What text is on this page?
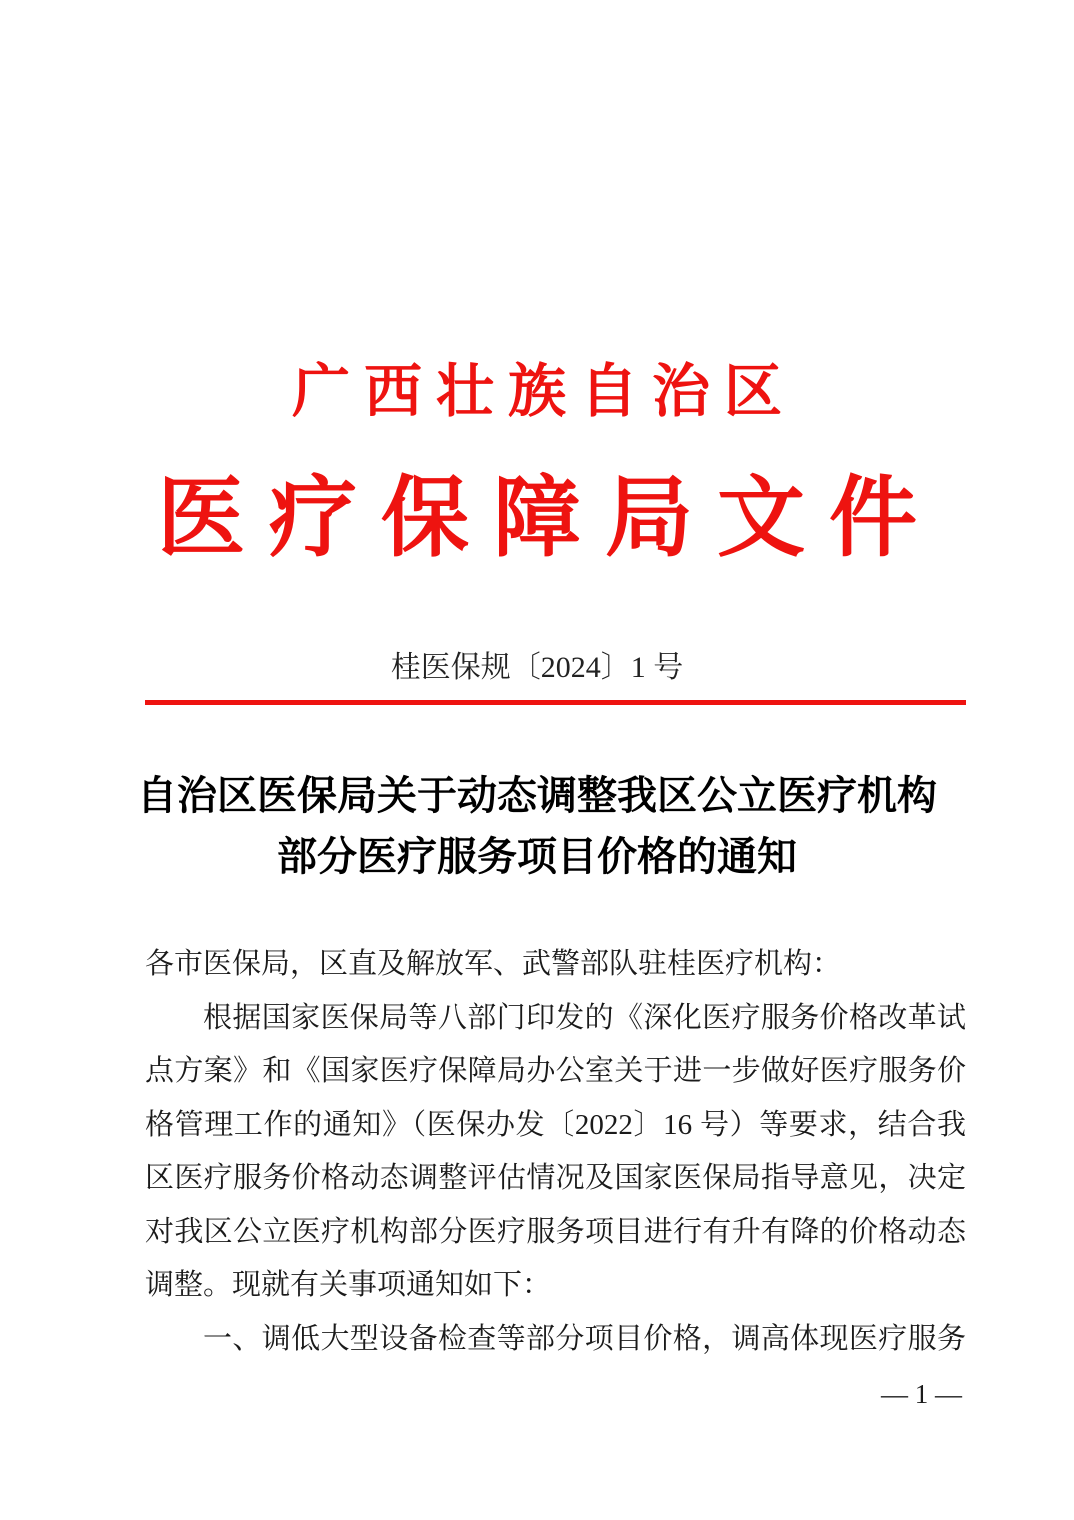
广西壮族自治区
医疗保障局文件
桂医保规〔2024〕1 号
自治区医保局关于动态调整我区公立医疗机构
部分医疗服务项目价格的通知
各市医保局，区直及解放军、武警部队驻桂医疗机构：
根据国家医保局等八部门印发的《深化医疗服务价格改革试
点方案》和《国家医疗保障局办公室关于进一步做好医疗服务价
格管理工作的通知》（医保办发〔2022〕16 号）等要求，结合我
区医疗服务价格动态调整评估情况及国家医保局指导意见，决定
对我区公立医疗机构部分医疗服务项目进行有升有降的价格动态
调整。现就有关事项通知如下：
一、调低大型设备检查等部分项目价格，调高体现医疗服务
— 1 —
